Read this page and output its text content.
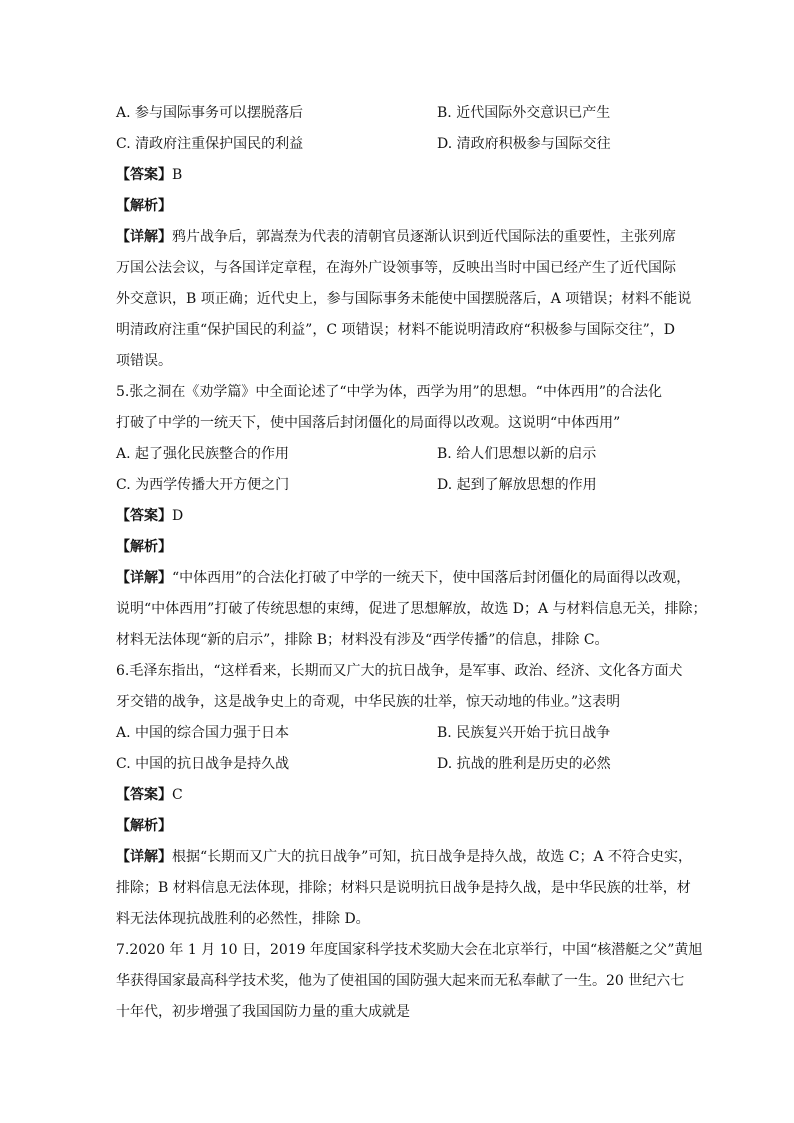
A. 参与国际事务可以摆脱落后	B. 近代国际外交意识已产生
C. 清政府注重保护国民的利益	D. 清政府积极参与国际交往
【答案】B
【解析】
【详解】鸦片战争后，郭嵩焘为代表的清朝官员逐渐认识到近代国际法的重要性，主张列席
万国公法会议，与各国详定章程，在海外广设领事等，反映出当时中国已经产生了近代国际
外交意识，B 项正确；近代史上，参与国际事务未能使中国摆脱落后，A 项错误；材料不能说
明清政府注重“保护国民的利益”，C 项错误；材料不能说明清政府“积极参与国际交往”，D
项错误。
5.张之洞在《劝学篇》中全面论述了“中学为体，西学为用”的思想。“中体西用”的合法化
打破了中学的一统天下，使中国落后封闭僵化的局面得以改观。这说明“中体西用”
A. 起了强化民族整合的作用	B. 给人们思想以新的启示
C. 为西学传播大开方便之门	D. 起到了解放思想的作用
【答案】D
【解析】
【详解】“中体西用”的合法化打破了中学的一统天下，使中国落后封闭僵化的局面得以改观，
说明“中体西用”打破了传统思想的束缚，促进了思想解放，故选 D；A 与材料信息无关，排除；
材料无法体现“新的启示”，排除 B；材料没有涉及“西学传播”的信息，排除 C。
6.毛泽东指出，“这样看来，长期而又广大的抗日战争，是军事、政治、经济、文化各方面犬
牙交错的战争，这是战争史上的奇观，中华民族的壮举，惊天动地的伟业。”这表明
A. 中国的综合国力强于日本	B. 民族复兴开始于抗日战争
C. 中国的抗日战争是持久战	D. 抗战的胜利是历史的必然
【答案】C
【解析】
【详解】根据“长期而又广大的抗日战争”可知，抗日战争是持久战，故选 C；A 不符合史实，
排除；B 材料信息无法体现，排除；材料只是说明抗日战争是持久战，是中华民族的壮举，材
料无法体现抗战胜利的必然性，排除 D。
7.2020 年 1 月 10 日，2019 年度国家科学技术奖励大会在北京举行，中国“核潜艇之父”黄旭
华获得国家最高科学技术奖，他为了使祖国的国防强大起来而无私奉献了一生。20 世纪六七
十年代，初步增强了我国国防力量的重大成就是
